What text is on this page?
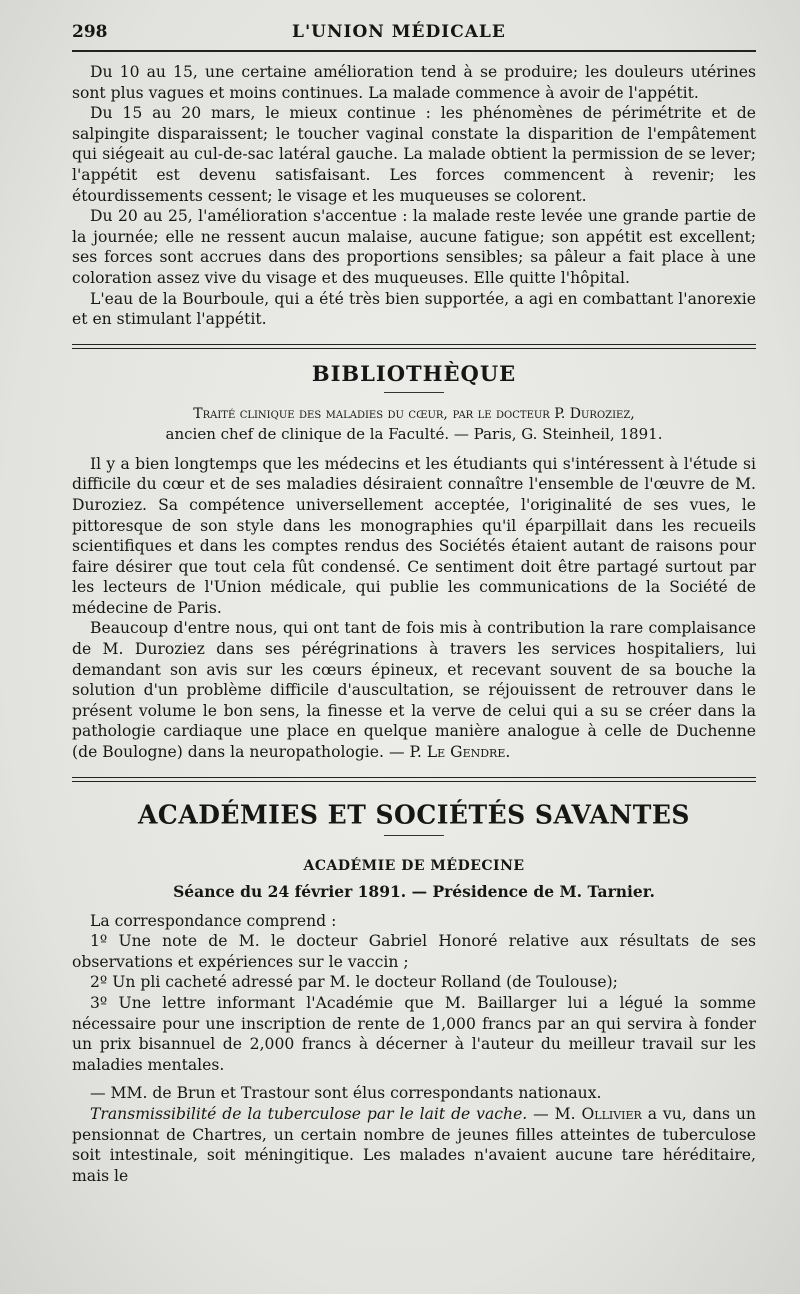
298	L'UNION MÉDICALE

Du 10 au 15, une certaine amélioration tend à se produire; les douleurs utérines sont plus vagues et moins continues. La malade commence à avoir de l'appétit.

Du 15 au 20 mars, le mieux continue : les phénomènes de périmétrite et de salpingite disparaissent; le toucher vaginal constate la disparition de l'empâtement qui siégeait au cul-de-sac latéral gauche. La malade obtient la permission de se lever; l'appétit est devenu satisfaisant. Les forces commencent à revenir; les étourdissements cessent; le visage et les muqueuses se colorent.

Du 20 au 25, l'amélioration s'accentue : la malade reste levée une grande partie de la journée; elle ne ressent aucun malaise, aucune fatigue; son appétit est excellent; ses forces sont accrues dans des proportions sensibles; sa pâleur a fait place à une coloration assez vive du visage et des muqueuses. Elle quitte l'hôpital.

L'eau de la Bourboule, qui a été très bien supportée, a agi en combattant l'anorexie et en stimulant l'appétit.

BIBLIOTHÈQUE
Traité clinique des maladies du cœur, par le docteur P. Duroziez,
ancien chef de clinique de la Faculté. — Paris, G. Steinheil, 1891.

Il y a bien longtemps que les médecins et les étudiants qui s'intéressent à l'étude si difficile du cœur et de ses maladies désiraient connaître l'ensemble de l'œuvre de M. Duroziez. Sa compétence universellement acceptée, l'originalité de ses vues, le pittoresque de son style dans les monographies qu'il éparpillait dans les recueils scientifiques et dans les comptes rendus des Sociétés étaient autant de raisons pour faire désirer que tout cela fût condensé. Ce sentiment doit être partagé surtout par les lecteurs de l'Union médicale, qui publie les communications de la Société de médecine de Paris.

Beaucoup d'entre nous, qui ont tant de fois mis à contribution la rare complaisance de M. Duroziez dans ses pérégrinations à travers les services hospitaliers, lui demandant son avis sur les cœurs épineux, et recevant souvent de sa bouche la solution d'un problème difficile d'auscultation, se réjouissent de retrouver dans le présent volume le bon sens, la finesse et la verve de celui qui a su se créer dans la pathologie cardiaque une place en quelque manière analogue à celle de Duchenne (de Boulogne) dans la neuropathologie. — P. Le Gendre.

ACADÉMIES ET SOCIÉTÉS SAVANTES
ACADÉMIE DE MÉDECINE
Séance du 24 février 1891. — Présidence de M. Tarnier.

La correspondance comprend :

1º Une note de M. le docteur Gabriel Honoré relative aux résultats de ses observations et expériences sur le vaccin ;

2º Un pli cacheté adressé par M. le docteur Rolland (de Toulouse);

3º Une lettre informant l'Académie que M. Baillarger lui a légué la somme nécessaire pour une inscription de rente de 1,000 francs par an qui servira à fonder un prix bisannuel de 2,000 francs à décerner à l'auteur du meilleur travail sur les maladies mentales.

— MM. de Brun et Trastour sont élus correspondants nationaux.

Transmissibilité de la tuberculose par le lait de vache. — M. Ollivier a vu, dans un pensionnat de Chartres, un certain nombre de jeunes filles atteintes de tuberculose soit intestinale, soit méningitique. Les malades n'avaient aucune tare héréditaire, mais le
